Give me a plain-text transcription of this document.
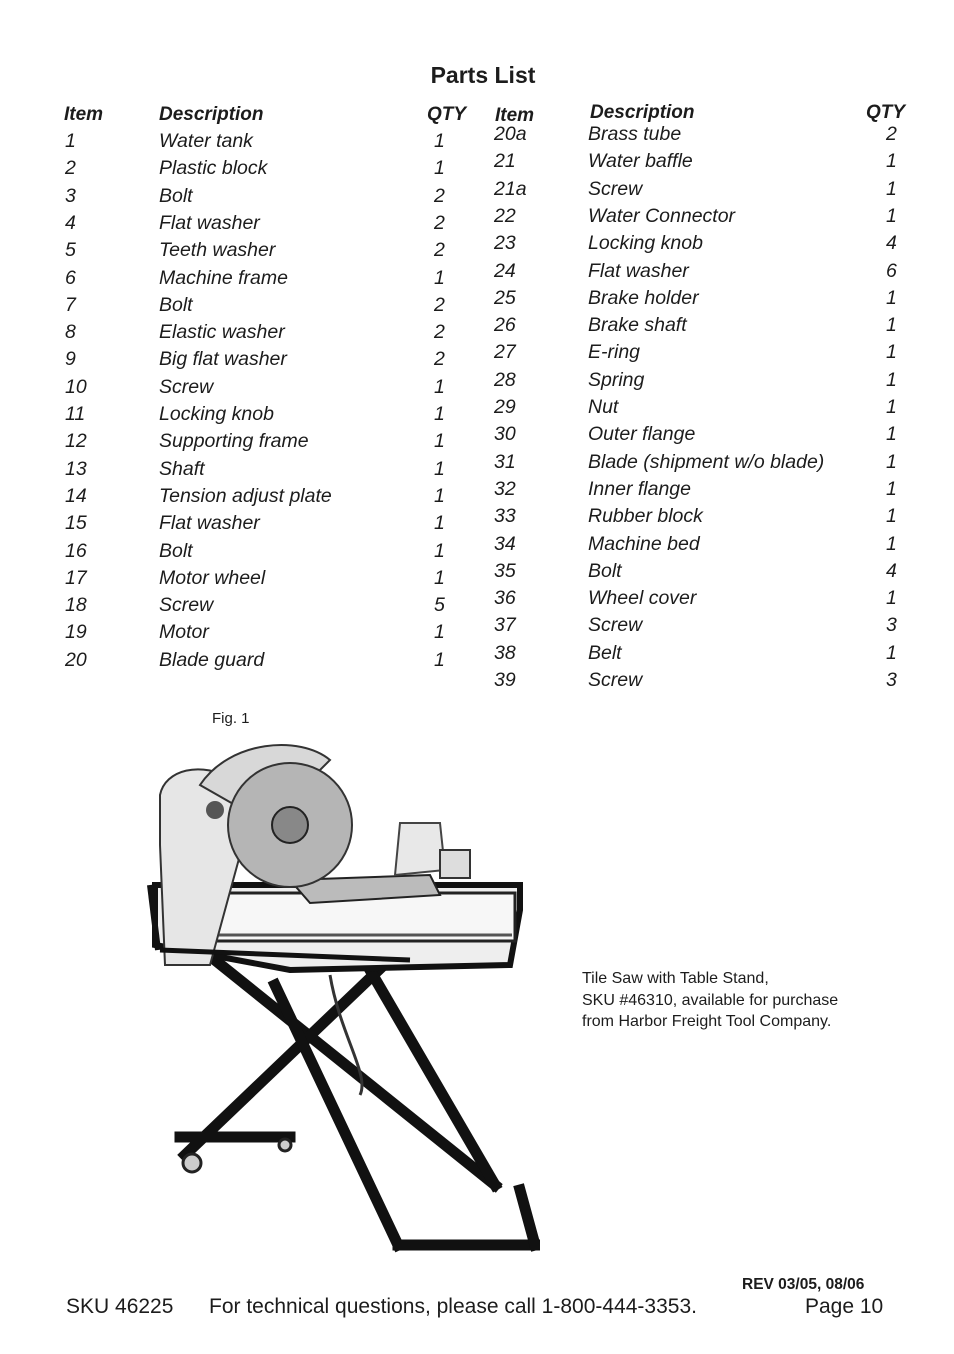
Parts List
Item	Description	QTY Item	Description	QTY
1	Water tank	1
2	Plastic block	1
3	Bolt	2
4	Flat washer	2
5	Teeth washer	2
6	Machine frame	1
7	Bolt	2
8	Elastic washer	2
9	Big flat washer	2
10	Screw	1
11	Locking knob	1
12	Supporting frame	1
13	Shaft	1
14	Tension adjust plate	1
15	Flat washer	1
16	Bolt	1
17	Motor wheel	1
18	Screw	5
19	Motor	1
20	Blade guard	1
20a	Brass tube	2
21	Water baffle	1
21a	Screw	1
22	Water Connector	1
23	Locking knob	4
24	Flat washer	6
25	Brake holder	1
26	Brake shaft	1
27	E-ring	1
28	Spring	1
29	Nut	1
30	Outer flange	1
31	Blade (shipment w/o blade)	1
32	Inner flange	1
33	Rubber block	1
34	Machine bed	1
35	Bolt	4
36	Wheel cover	1
37	Screw	3
38	Belt	1
39	Screw	3
Fig. 1
Tile Saw with Table Stand,
SKU #46310, available for purchase
from Harbor Freight Tool Company.
REV 03/05, 08/06
SKU 46225 For technical questions, please call 1-800-444-3353.	Page 10
